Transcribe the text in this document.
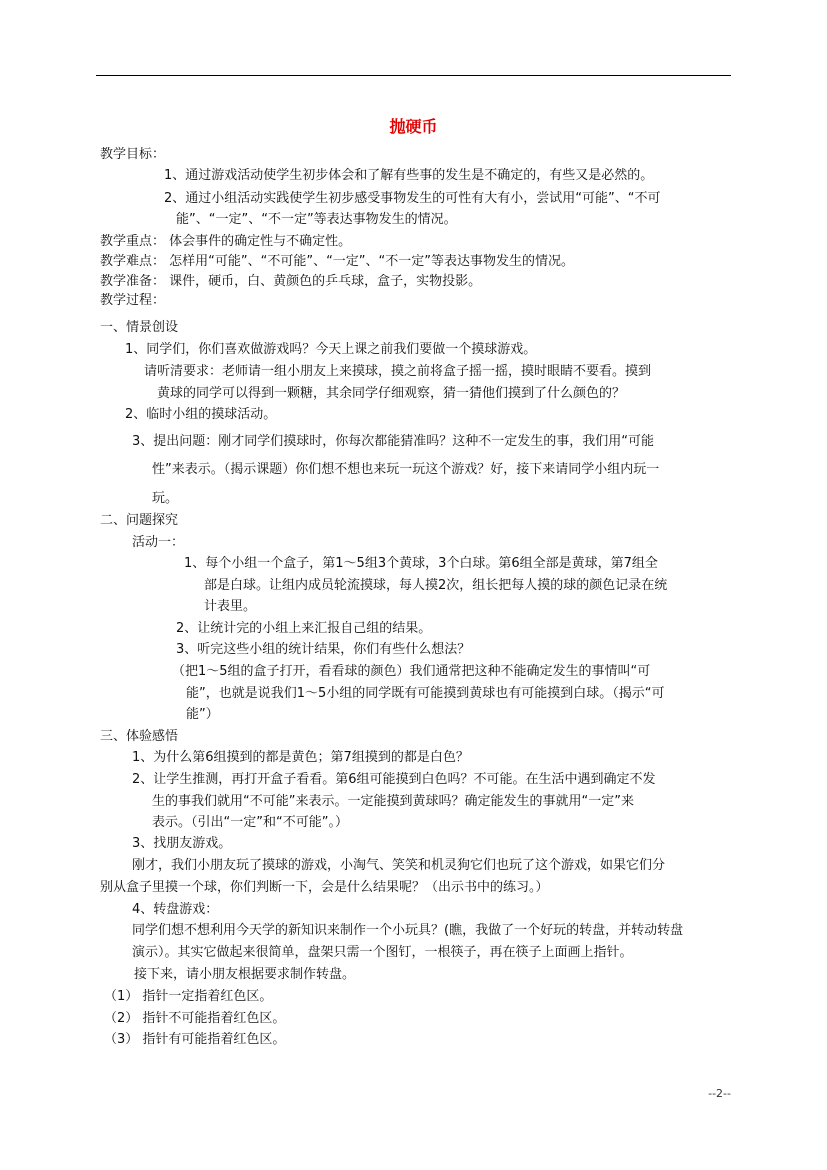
抛硬币
教学目标：
1、通过游戏活动使学生初步体会和了解有些事的发生是不确定的，有些又是必然的。
2、通过小组活动实践使学生初步感受事物发生的可性有大有小，尝试用“可能”、“不可
能”、“一定”、“不一定”等表达事物发生的情况。
教学重点： 体会事件的确定性与不确定性。
教学难点： 怎样用“可能”、“不可能”、“一定”、“不一定”等表达事物发生的情况。
教学准备： 课件，硬币，白、黄颜色的乒乓球，盒子，实物投影。
教学过程：
一、情景创设
1、同学们，你们喜欢做游戏吗？今天上课之前我们要做一个摸球游戏。
请听清要求：老师请一组小朋友上来摸球，摸之前将盒子摇一摇，摸时眼睛不要看。摸到
黄球的同学可以得到一颗糖，其余同学仔细观察，猜一猜他们摸到了什么颜色的？
2、临时小组的摸球活动。
3、提出问题：刚才同学们摸球时，你每次都能猜准吗？这种不一定发生的事，我们用“可能
性”来表示。（揭示课题）你们想不想也来玩一玩这个游戏？好，接下来请同学小组内玩一
玩。
二、问题探究
活动一：
1、每个小组一个盒子，第1～5组3个黄球，3个白球。第6组全部是黄球，第7组全
部是白球。让组内成员轮流摸球，每人摸2次，组长把每人摸的球的颜色记录在统
计表里。
2、让统计完的小组上来汇报自己组的结果。
3、听完这些小组的统计结果，你们有些什么想法？
（把1～5组的盒子打开，看看球的颜色）我们通常把这种不能确定发生的事情叫“可
能”，也就是说我们1～5小组的同学既有可能摸到黄球也有可能摸到白球。（揭示“可
能”）
三、体验感悟
1、为什么第6组摸到的都是黄色；第7组摸到的都是白色？
2、让学生推测，再打开盒子看看。第6组可能摸到白色吗？不可能。在生活中遇到确定不发
生的事我们就用“不可能”来表示。一定能摸到黄球吗？确定能发生的事就用“一定”来
表示。（引出“一定”和“不可能”。）
3、找朋友游戏。
刚才，我们小朋友玩了摸球的游戏，小淘气、笑笑和机灵狗它们也玩了这个游戏，如果它们分
别从盒子里摸一个球，你们判断一下，会是什么结果呢？（出示书中的练习。）
4、转盘游戏：
同学们想不想利用今天学的新知识来制作一个小玩具？(瞧，我做了一个好玩的转盘，并转动转盘
演示）。其实它做起来很简单，盘架只需一个图钉，一根筷子，再在筷子上面画上指针。
接下来，请小朋友根据要求制作转盘。
（1） 指针一定指着红色区。
（2） 指针不可能指着红色区。
（3） 指针有可能指着红色区。
--2--
